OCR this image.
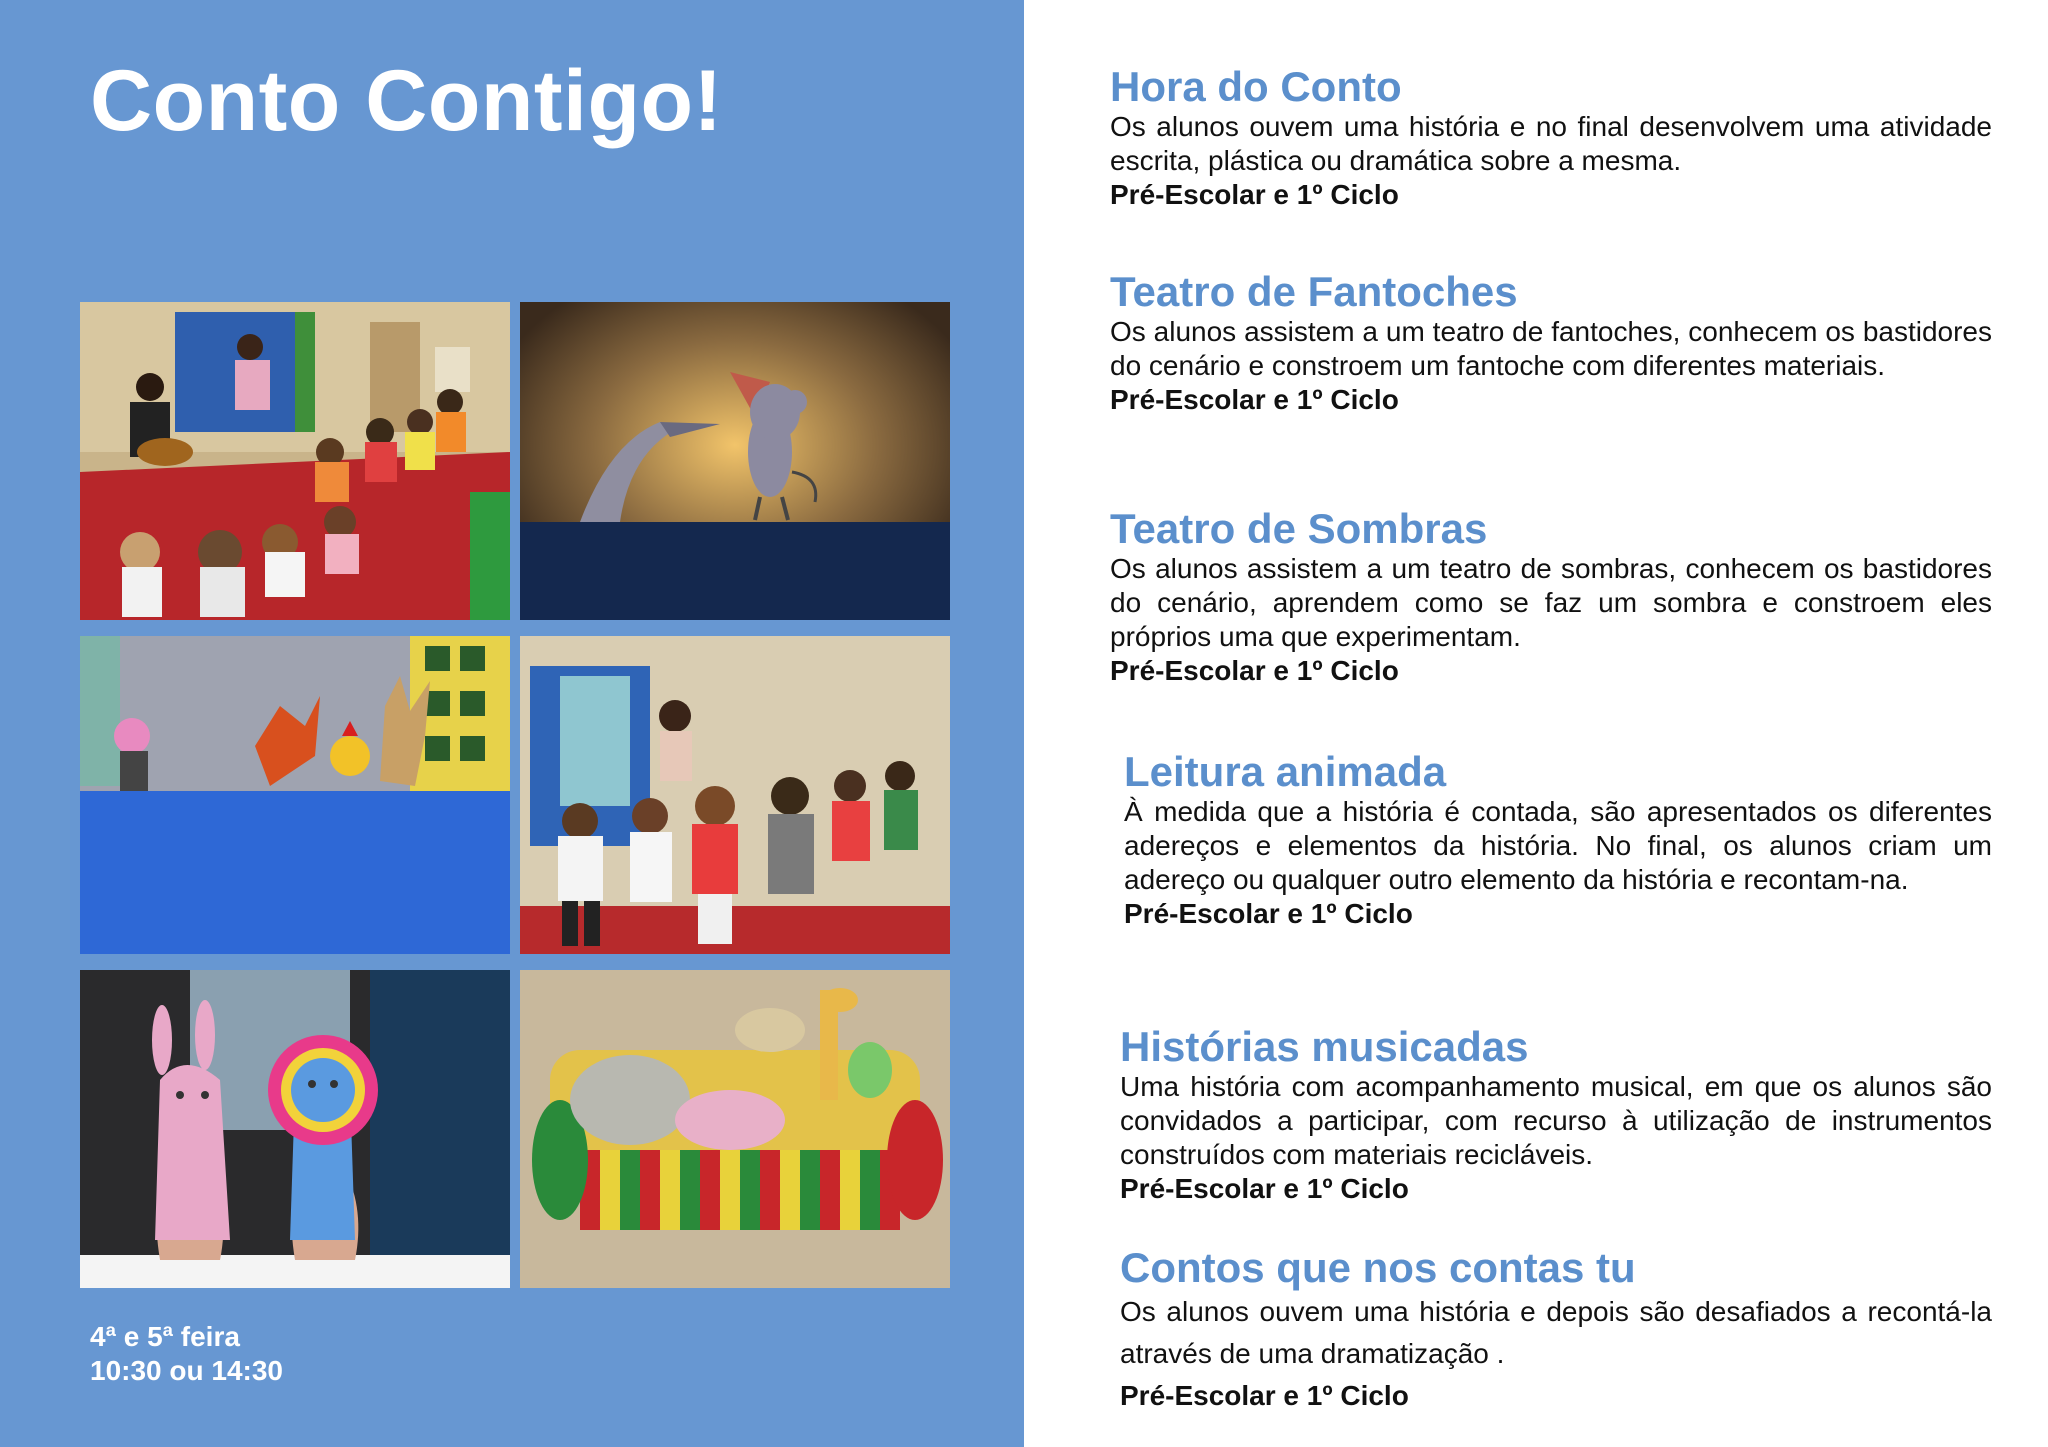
Conto Contigo!
4ª e 5ª feira
10:30 ou 14:30
Hora do Conto

Os alunos ouvem uma história e no final desenvolvem uma atividade escrita, plástica ou dramática sobre a mesma.

Pré-Escolar e 1º Ciclo
Teatro de Fantoches

Os alunos assistem a um teatro de fantoches, conhecem os bastidores do cenário e constroem um fantoche com diferentes materiais.

Pré-Escolar e 1º Ciclo
Teatro de Sombras

Os alunos assistem a um teatro de sombras, conhecem os bastidores do cenário, aprendem como se faz um sombra e constroem eles próprios uma que experimentam.

Pré-Escolar e 1º Ciclo
Leitura animada

À medida que a história é contada, são apresentados os diferentes adereços e elementos da história. No final, os alunos criam um adereço ou qualquer outro elemento da história e recontam-na.

Pré-Escolar e 1º Ciclo
Histórias musicadas

Uma história com acompanhamento musical, em que os alunos são convidados a participar, com recurso à utilização de instrumentos construídos com materiais recicláveis.

Pré-Escolar e 1º Ciclo
Contos que nos contas tu

Os alunos ouvem uma história e depois são desafiados a recontá-la através de uma dramatização .

Pré-Escolar e 1º Ciclo
